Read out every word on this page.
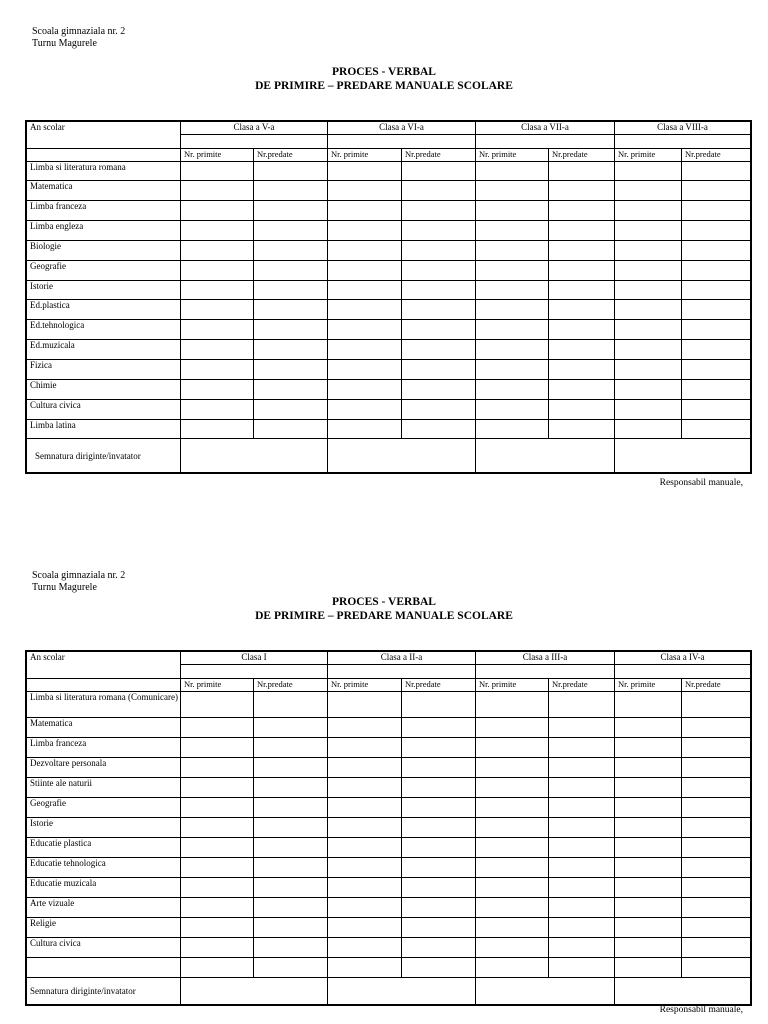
Scoala gimnaziala nr. 2
Turnu Magurele
PROCES - VERBAL
DE PRIMIRE – PREDARE MANUALE SCOLARE
An scolar	Clasa a V-a		Clasa a VI-a		Clasa a VII-a		Clasa a VIII-a	

	Nr. primite	Nr.predate	Nr. primite	Nr.predate	Nr. primite	Nr.predate	Nr. primite	Nr.predate
Limba si literatura romana								
Matematica								
Limba franceza								
Limba engleza								
Biologie								
Geografie								
Istorie								
Ed.plastica								
Ed.tehnologica								
Ed.muzicala								
Fizica								
Chimie								
Cultura civica								
Limba latina								
Semnatura diriginte/invatator								
Responsabil manuale,
Scoala gimnaziala nr. 2
Turnu Magurele
PROCES - VERBAL
DE PRIMIRE – PREDARE MANUALE SCOLARE
An scolar	Clasa I		Clasa a II-a		Clasa a III-a		Clasa a IV-a	

	Nr. primite	Nr.predate	Nr. primite	Nr.predate	Nr. primite	Nr.predate	Nr. primite	Nr.predate
Limba si literatura romana (Comunicare)								
Matematica								
Limba franceza								
Dezvoltare personala								
Stiinte ale naturii								
Geografie								
Istorie								
Educatie plastica								
Educatie tehnologica								
Educatie muzicala								
Arte vizuale								
Religie								
Cultura civica								

Semnatura diriginte/invatator								
Responsabil manuale,
